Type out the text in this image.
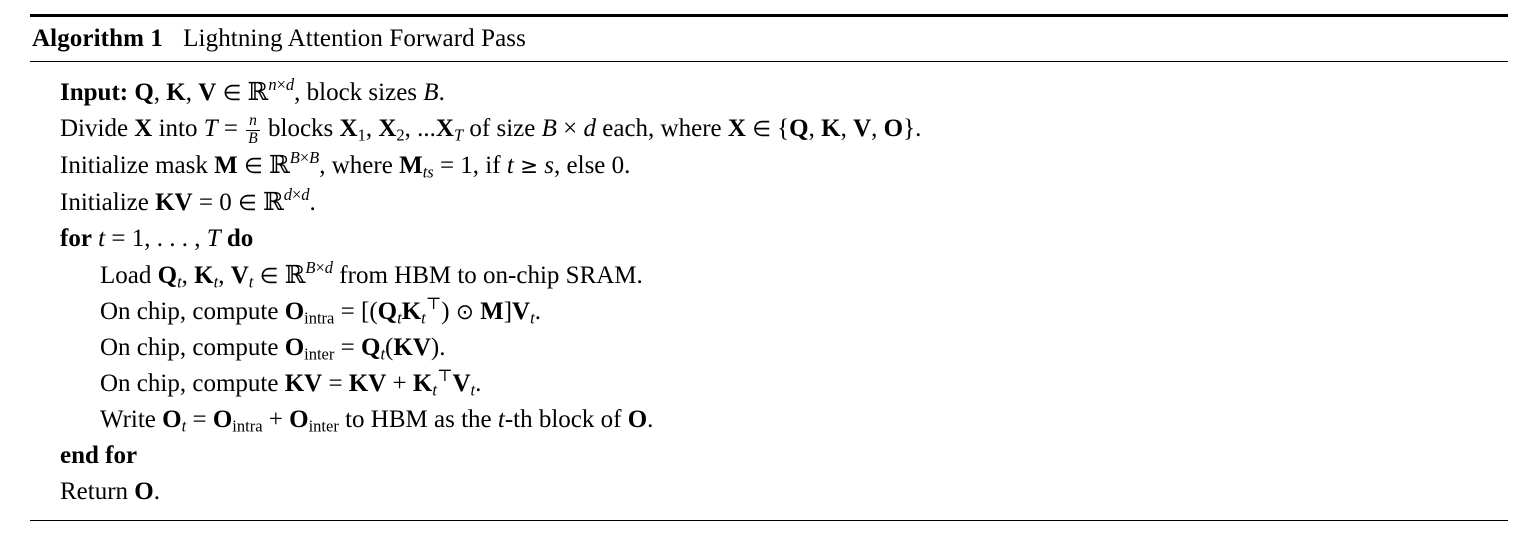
Algorithm 1 Lightning Attention Forward Pass
Input: Q, K, V ∈ ℝ$^{n\times d}$, block sizes B.
Divide X into $T = \frac{n}{B}$ blocks $X_1$, $X_2$, $...X_T$ of size B × d each, where X ∈ {Q, K, V, O}.
Initialize mask M ∈ ℝ$^{B\times B}$, where $M_{ts} = 1$, if t ≥ s, else 0.
Initialize KV = 0 ∈ ℝ$^{d\times d}$.
for t = 1, . . . , T do
Load $Q_t$, $K_t$, $V_t$ ∈ ℝ$^{B\times d}$ from HBM to on-chip SRAM.
On chip, compute $O_{intra} = [(Q_tK_t^⊤)$ ⊙ $M]V_t$.
On chip, compute $O_{inter} = Q_t(KV)$.
On chip, compute KV = KV + $K_t^⊤V_t$.
Write $O_t = O_{intra} + O_{inter}$ to HBM as the t-th block of O.
end for
Return O.
